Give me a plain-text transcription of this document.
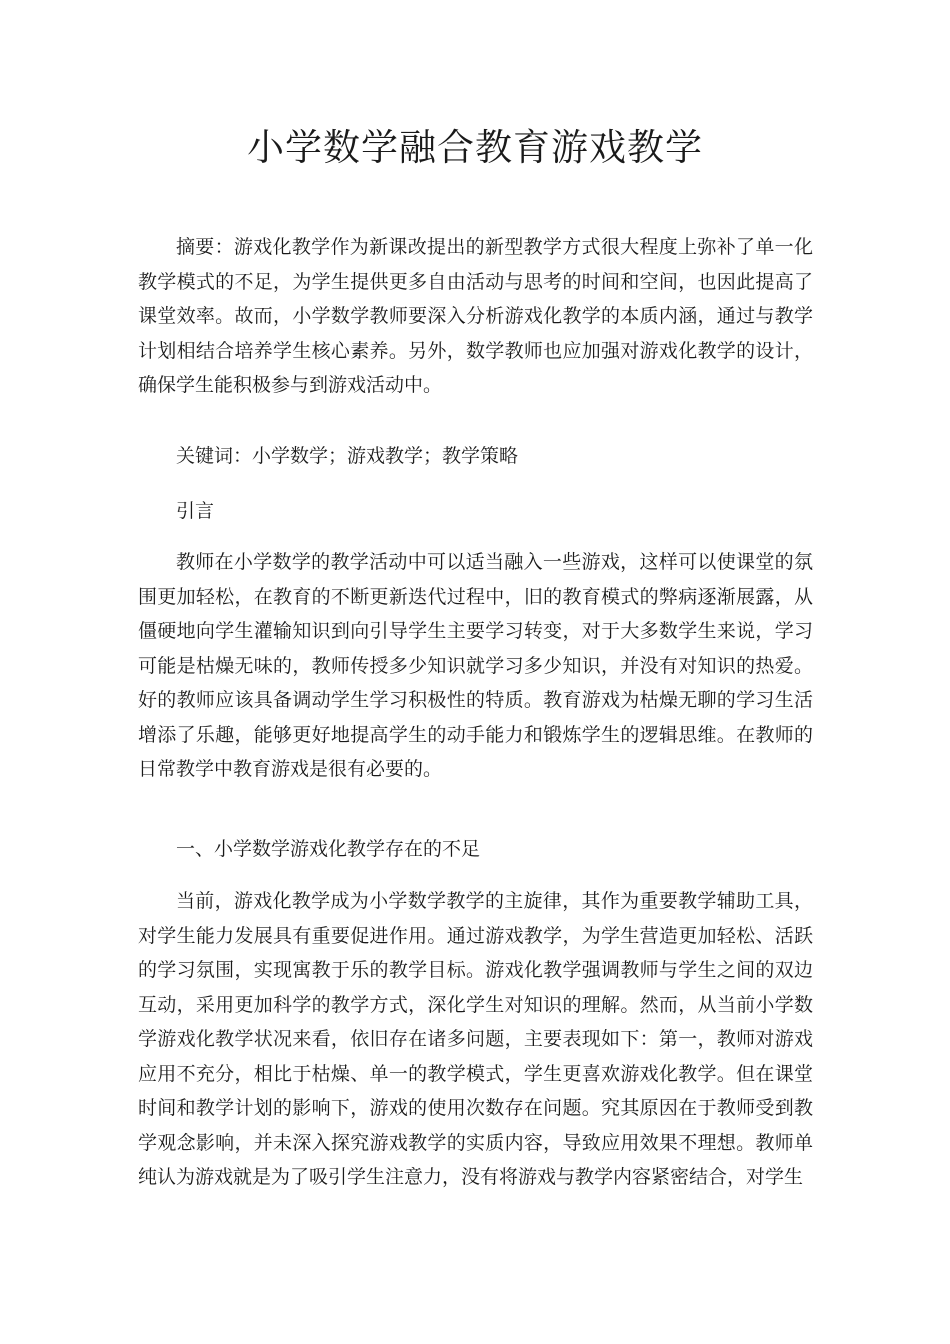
小学数学融合教育游戏教学

摘要：游戏化教学作为新课改提出的新型教学方式很大程度上弥补了单一化教学模式的不足，为学生提供更多自由活动与思考的时间和空间，也因此提高了课堂效率。故而，小学数学教师要深入分析游戏化教学的本质内涵，通过与教学计划相结合培养学生核心素养。另外，数学教师也应加强对游戏化教学的设计，确保学生能积极参与到游戏活动中。

关键词：小学数学；游戏教学；教学策略

引言

教师在小学数学的教学活动中可以适当融入一些游戏，这样可以使课堂的氛围更加轻松，在教育的不断更新迭代过程中，旧的教育模式的弊病逐渐展露，从僵硬地向学生灌输知识到向引导学生主要学习转变，对于大多数学生来说，学习可能是枯燥无味的，教师传授多少知识就学习多少知识，并没有对知识的热爱。好的教师应该具备调动学生学习积极性的特质。教育游戏为枯燥无聊的学习生活增添了乐趣，能够更好地提高学生的动手能力和锻炼学生的逻辑思维。在教师的日常教学中教育游戏是很有必要的。

一、小学数学游戏化教学存在的不足

当前，游戏化教学成为小学数学教学的主旋律，其作为重要教学辅助工具，对学生能力发展具有重要促进作用。通过游戏教学，为学生营造更加轻松、活跃的学习氛围，实现寓教于乐的教学目标。游戏化教学强调教师与学生之间的双边互动，采用更加科学的教学方式，深化学生对知识的理解。然而，从当前小学数学游戏化教学状况来看，依旧存在诸多问题，主要表现如下：第一，教师对游戏应用不充分，相比于枯燥、单一的教学模式，学生更喜欢游戏化教学。但在课堂时间和教学计划的影响下，游戏的使用次数存在问题。究其原因在于教师受到教学观念影响，并未深入探究游戏教学的实质内容，导致应用效果不理想。教师单纯认为游戏就是为了吸引学生注意力，没有将游戏与教学内容紧密结合，对学生
